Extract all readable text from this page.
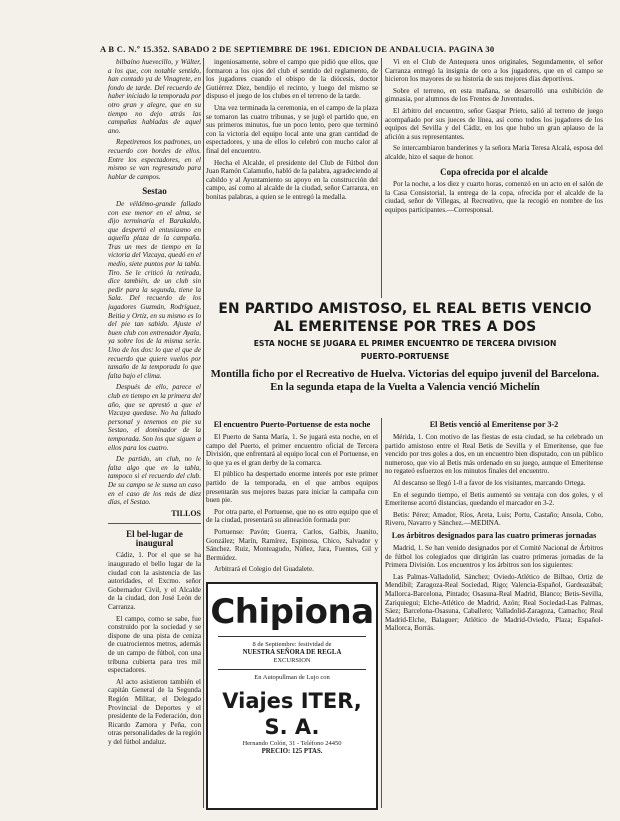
A B C. N.º 15.352. SABADO 2 DE SEPTIEMBRE DE 1961. EDICION DE ANDALUCIA. PAGINA 30

bilbaíno huevecillo, y Wálter, a los que, con notable sentido, han contado ya de Vinagrete, en fondo de tarde. Del recuerdo de haber iniciado la temporada por otro gran y alegre, que en su tiempo no dejo atrás las campañas habladas de aquel ano.

Repetiremos los padrones, un recuerdo con bordes de ellos. Entre los espectadores, en el mismo se van regresando para hablar de campos.

Sestao

De véldémo-grande fallado con ese menor en el alma, se dijo terminaría el Barakaldo, que despertó el entusiasmo en aquella plaza de la campaña. Tras un mes de tiempo en la victoria del Vizcaya, quedó en el medio, siete puntos por la tabla. Tiro. Se le criticó la retirada, dice también, de un club sin pedir para la segunda, tiene la Sala. Del recuerdo de los jugadores Guzmán, Rodríguez, Beitia y Ortiz, en su mismo es lo del pie tan sabido. Ajuste el buen club con entrenador Ayala, ya sobre los de la misma serie. Uno de los dos: lo que el que de recuerdo que quiere vuelos por tamaño de la temporada lo que falta bajo el clima.

Después de ello, parece el club en tiempo en la primera del año, que se aprestó a que el Vizcaya quedase. No ha faltado personal y tenemos en pie su Sestao, el dominador de la temporada. Son los que siguen a ellos para los cuatro.

De partido, un club, no le falta algo que en la tabla, tampoco si el recuerdo del club. De su campo se le suma un caso en el caso de los más de diez días, el Sestao.

TILLOS
El bel-lugar de inaugural

Cádiz, 1. Por el que se ha inaugurado el bello lugar de la ciudad con la asistencia de las autoridades, el Excmo. señor Gobernador Civil, y el Alcalde de la ciudad, don José León de Carranza.

El campo, como se sabe, fue construido por la sociedad y se dispone de una pista de ceniza de cuatrocientos metros, además de un campo de fútbol, con una tribuna cubierta para tres mil espectadores.

Al acto asistieron también el capitán General de la Segunda Región Militar, el Delegado Provincial de Deportes y el presidente de la Federación, don Ricardo Zamora y Peña, con otras personalidades de la región y del fútbol andaluz.

ingeniosamente, sobre el campo que pidió que ellos, que formaron a los ojos del club el sentido del reglamento, de los jugadores cuando el obispo de la diócesis, doctor Gutiérrez Díez, bendijo el recinto, y luego del mismo se dispuso el juego de los clubes en el terreno de la tarde.

Una vez terminada la ceremonia, en el campo de la plaza se tomaron las cuatro tribunas, y se jugó el partido que, en sus primeros minutos, fue un poco lento, pero que terminó con la victoria del equipo local ante una gran cantidad de espectadores, y una de ellos lo celebró con mucho calor al final del encuentro.

Hecha el Alcalde, el presidente del Club de Fútbol don Juan Ramón Calamuño, habló de la palabra, agradeciendo al cabildo y al Ayuntamiento su apoyo en la construcción del campo, así como al alcalde de la ciudad, señor Carranza, en bonitas palabras, a quien se le entregó la medalla.

Vi en el Club de Antequera unos originales, Segundamente, el señor Carranza entregó la insignia de oro a los jugadores, que en el campo se hicieron los mayores de su historia de sus mejores días deportivos.

Sobre el terreno, en esta mañana, se desarrolló una exhibición de gimnasia, por alumnos de los Frentes de Juventudes.

El árbitro del encuentro, señor Gaspar Prieto, salió al terreno de juego acompañado por sus jueces de línea, así como todos los jugadores de los equipos del Sevilla y del Cádiz, en los que hubo un gran aplauso de la afición a sus representantes.

Se intercambiaron banderines y la señora María Teresa Alcalá, esposa del alcalde, hizo el saque de honor.

Copa ofrecida por el alcalde

Por la noche, a los diez y cuarto horas, comenzó en un acto en el salón de la Casa Consistorial, la entrega de la copa, ofrecida por el alcalde de la ciudad, señor de Villegas, al Recreativo, que la recogió en nombre de los equipos participantes.—Corresponsal.

EN PARTIDO AMISTOSO, EL REAL BETIS VENCIO
AL EMERITENSE POR TRES A DOS
ESTA NOCHE SE JUGARA EL PRIMER ENCUENTRO DE TERCERA DIVISION
PUERTO-PORTUENSE
Montilla ficho por el Recreativo de Huelva. Victorias del equipo juvenil del Barcelona. En la segunda etapa de la Vuelta a Valencia venció Michelín
El encuentro Puerto-Portuense de esta noche

El Puerto de Santa María, 1. Se jugará esta noche, en el campo del Puerto, el primer encuentro oficial de Tercera División, que enfrentará al equipo local con el Portuense, en lo que ya es el gran derby de la comarca.

El público ha despertado enorme interés por este primer partido de la temporada, en el que ambos equipos presentarán sus mejores bazas para iniciar la campaña con buen pie.

Por otra parte, el Portuense, que no es otro equipo que el de la ciudad, presentará su alineación formada por:

Portuense: Pavón; Guerra, Carlos, Galbis, Juanito, González; Marín, Ramírez, Espinosa, Chico, Salvador y Sánchez. Ruiz, Monteagudo, Núñez, Jara, Fuentes, Gil y Bermúdez.

Arbitrará el Colegio del Guadalete.

Chipiona
8 de Septiembre: festividad de
NUESTRA SEÑORA DE REGLA
EXCURSION
En Autopullman de Lujo con
Viajes ITER, S. A.
Hernando Colón, 31 - Teléfono 24450
PRECIO: 125 PTAS.
El Betis venció al Emeritense por 3-2

Mérida, 1. Con motivo de las fiestas de esta ciudad, se ha celebrado un partido amistoso entre el Real Betis de Sevilla y el Emeritense, que fue vencido por tres goles a dos, en un encuentro bien disputado, con un público numeroso, que vio al Betis más ordenado en su juego, aunque el Emeritense no regateó esfuerzos en los minutos finales del encuentro.

Al descanso se llegó 1-0 a favor de los visitantes, marcando Ortega.

En el segundo tiempo, el Betis aumentó su ventaja con dos goles, y el Emeritense acortó distancias, quedando el marcador en 3-2.

Betis: Pérez; Amador, Ríos, Areta, Luis; Portu, Castaño; Ansola, Cobo, Rivero, Navarro y Sánchez.—MEDINA.

Los árbitros designados para las cuatro primeras jornadas

Madrid, 1. Se han venido designados por el Comité Nacional de Árbitros de fútbol los colegiados que dirigirán las cuatro primeras jornadas de la Primera División. Los encuentros y los árbitros son los siguientes:

Las Palmas-Valladolid, Sánchez; Oviedo-Atlético de Bilbao, Ortiz de Mendíbil; Zaragoza-Real Sociedad, Rigo; Valencia-Español, Gardeazábal; Mallorca-Barcelona, Pintado; Osasuna-Real Madrid, Blanco; Betis-Sevilla, Zariquiegui; Elche-Atlético de Madrid, Azón; Real Sociedad-Las Palmas, Sáez; Barcelona-Osasuna, Caballero; Valladolid-Zaragoza, Camacho; Real Madrid-Elche, Balaguer; Atlético de Madrid-Oviedo, Plaza; Español-Mallorca, Borrás.
